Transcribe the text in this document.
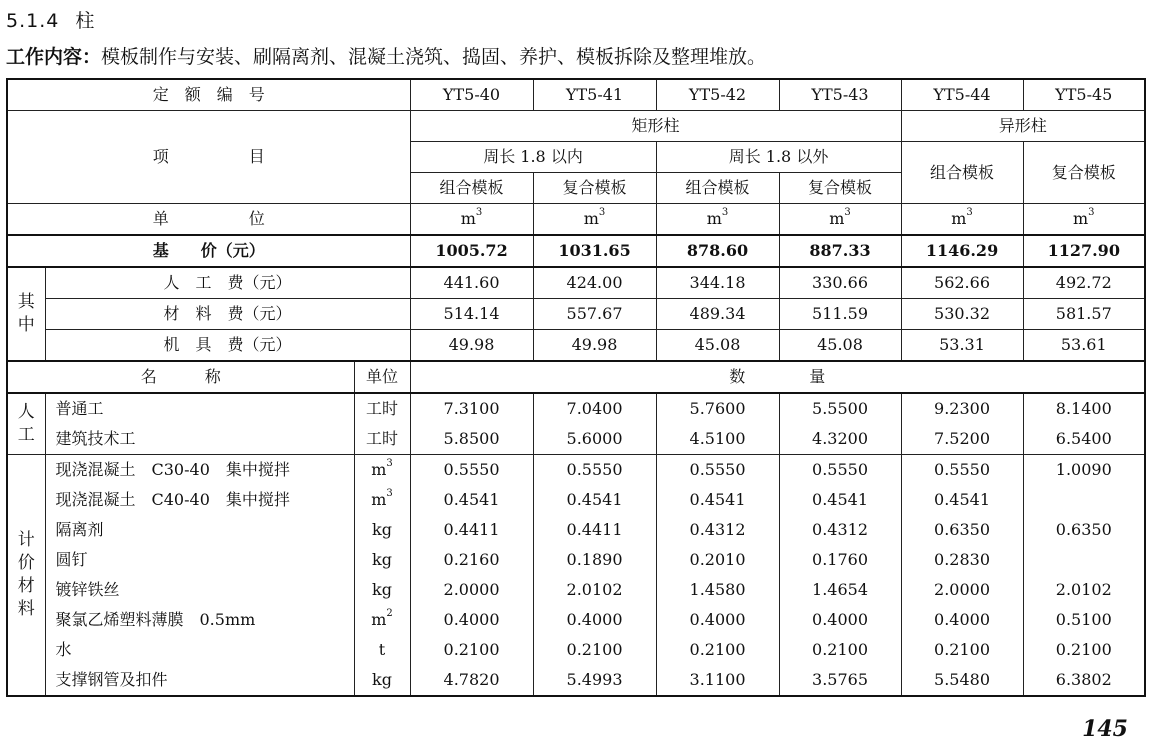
5.1.4 柱
工作内容：模板制作与安装、刷隔离剂、混凝土浇筑、捣固、养护、模板拆除及整理堆放。
定　额　编　号			YT5-40	YT5-41	YT5-42	YT5-43	YT5-44	YT5-45
项　　　　　目			矩形柱				异形柱	
			周长 1.8 以内		周长 1.8 以外		组合模板	复合模板
			组合模板	复合模板	组合模板	复合模板		
单　　　　　位			$m^3$	$m^3$	$m^3$	$m^3$	$m^3$	$m^3$
基　　价（元）			1005.72	1031.65	878.60	887.33	1146.29	1127.90

其
中	人　工　费（元）		441.60	424.00	344.18	330.66	562.66	492.72
	材　料　费（元）		514.14	557.67	489.34	511.59	530.32	581.57
	机　具　费（元）		49.98	49.98	45.08	45.08	53.31	53.61
名　　　称		单位	数　　　　量					

人
工	普通工	工时	7.3100	7.0400	5.7600	5.5500	9.2300	8.1400
	建筑技术工	工时	5.8500	5.6000	4.5100	4.3200	7.5200	6.5400

计
价
材
料	现浇混凝土　C30-40　集中搅拌	$m^3$	0.5550	0.5550	0.5550	0.5550	0.5550	1.0090
	现浇混凝土　C40-40　集中搅拌	$m^3$	0.4541	0.4541	0.4541	0.4541	0.4541	
	隔离剂	kg	0.4411	0.4411	0.4312	0.4312	0.6350	0.6350
	圆钉	kg	0.2160	0.1890	0.2010	0.1760	0.2830	
	镀锌铁丝	kg	2.0000	2.0102	1.4580	1.4654	2.0000	2.0102
	聚氯乙烯塑料薄膜　0.5mm	$m^2$	0.4000	0.4000	0.4000	0.4000	0.4000	0.5100
	水	t	0.2100	0.2100	0.2100	0.2100	0.2100	0.2100
	支撑钢管及扣件	kg	4.7820	5.4993	3.1100	3.5765	5.5480	6.3802
145
